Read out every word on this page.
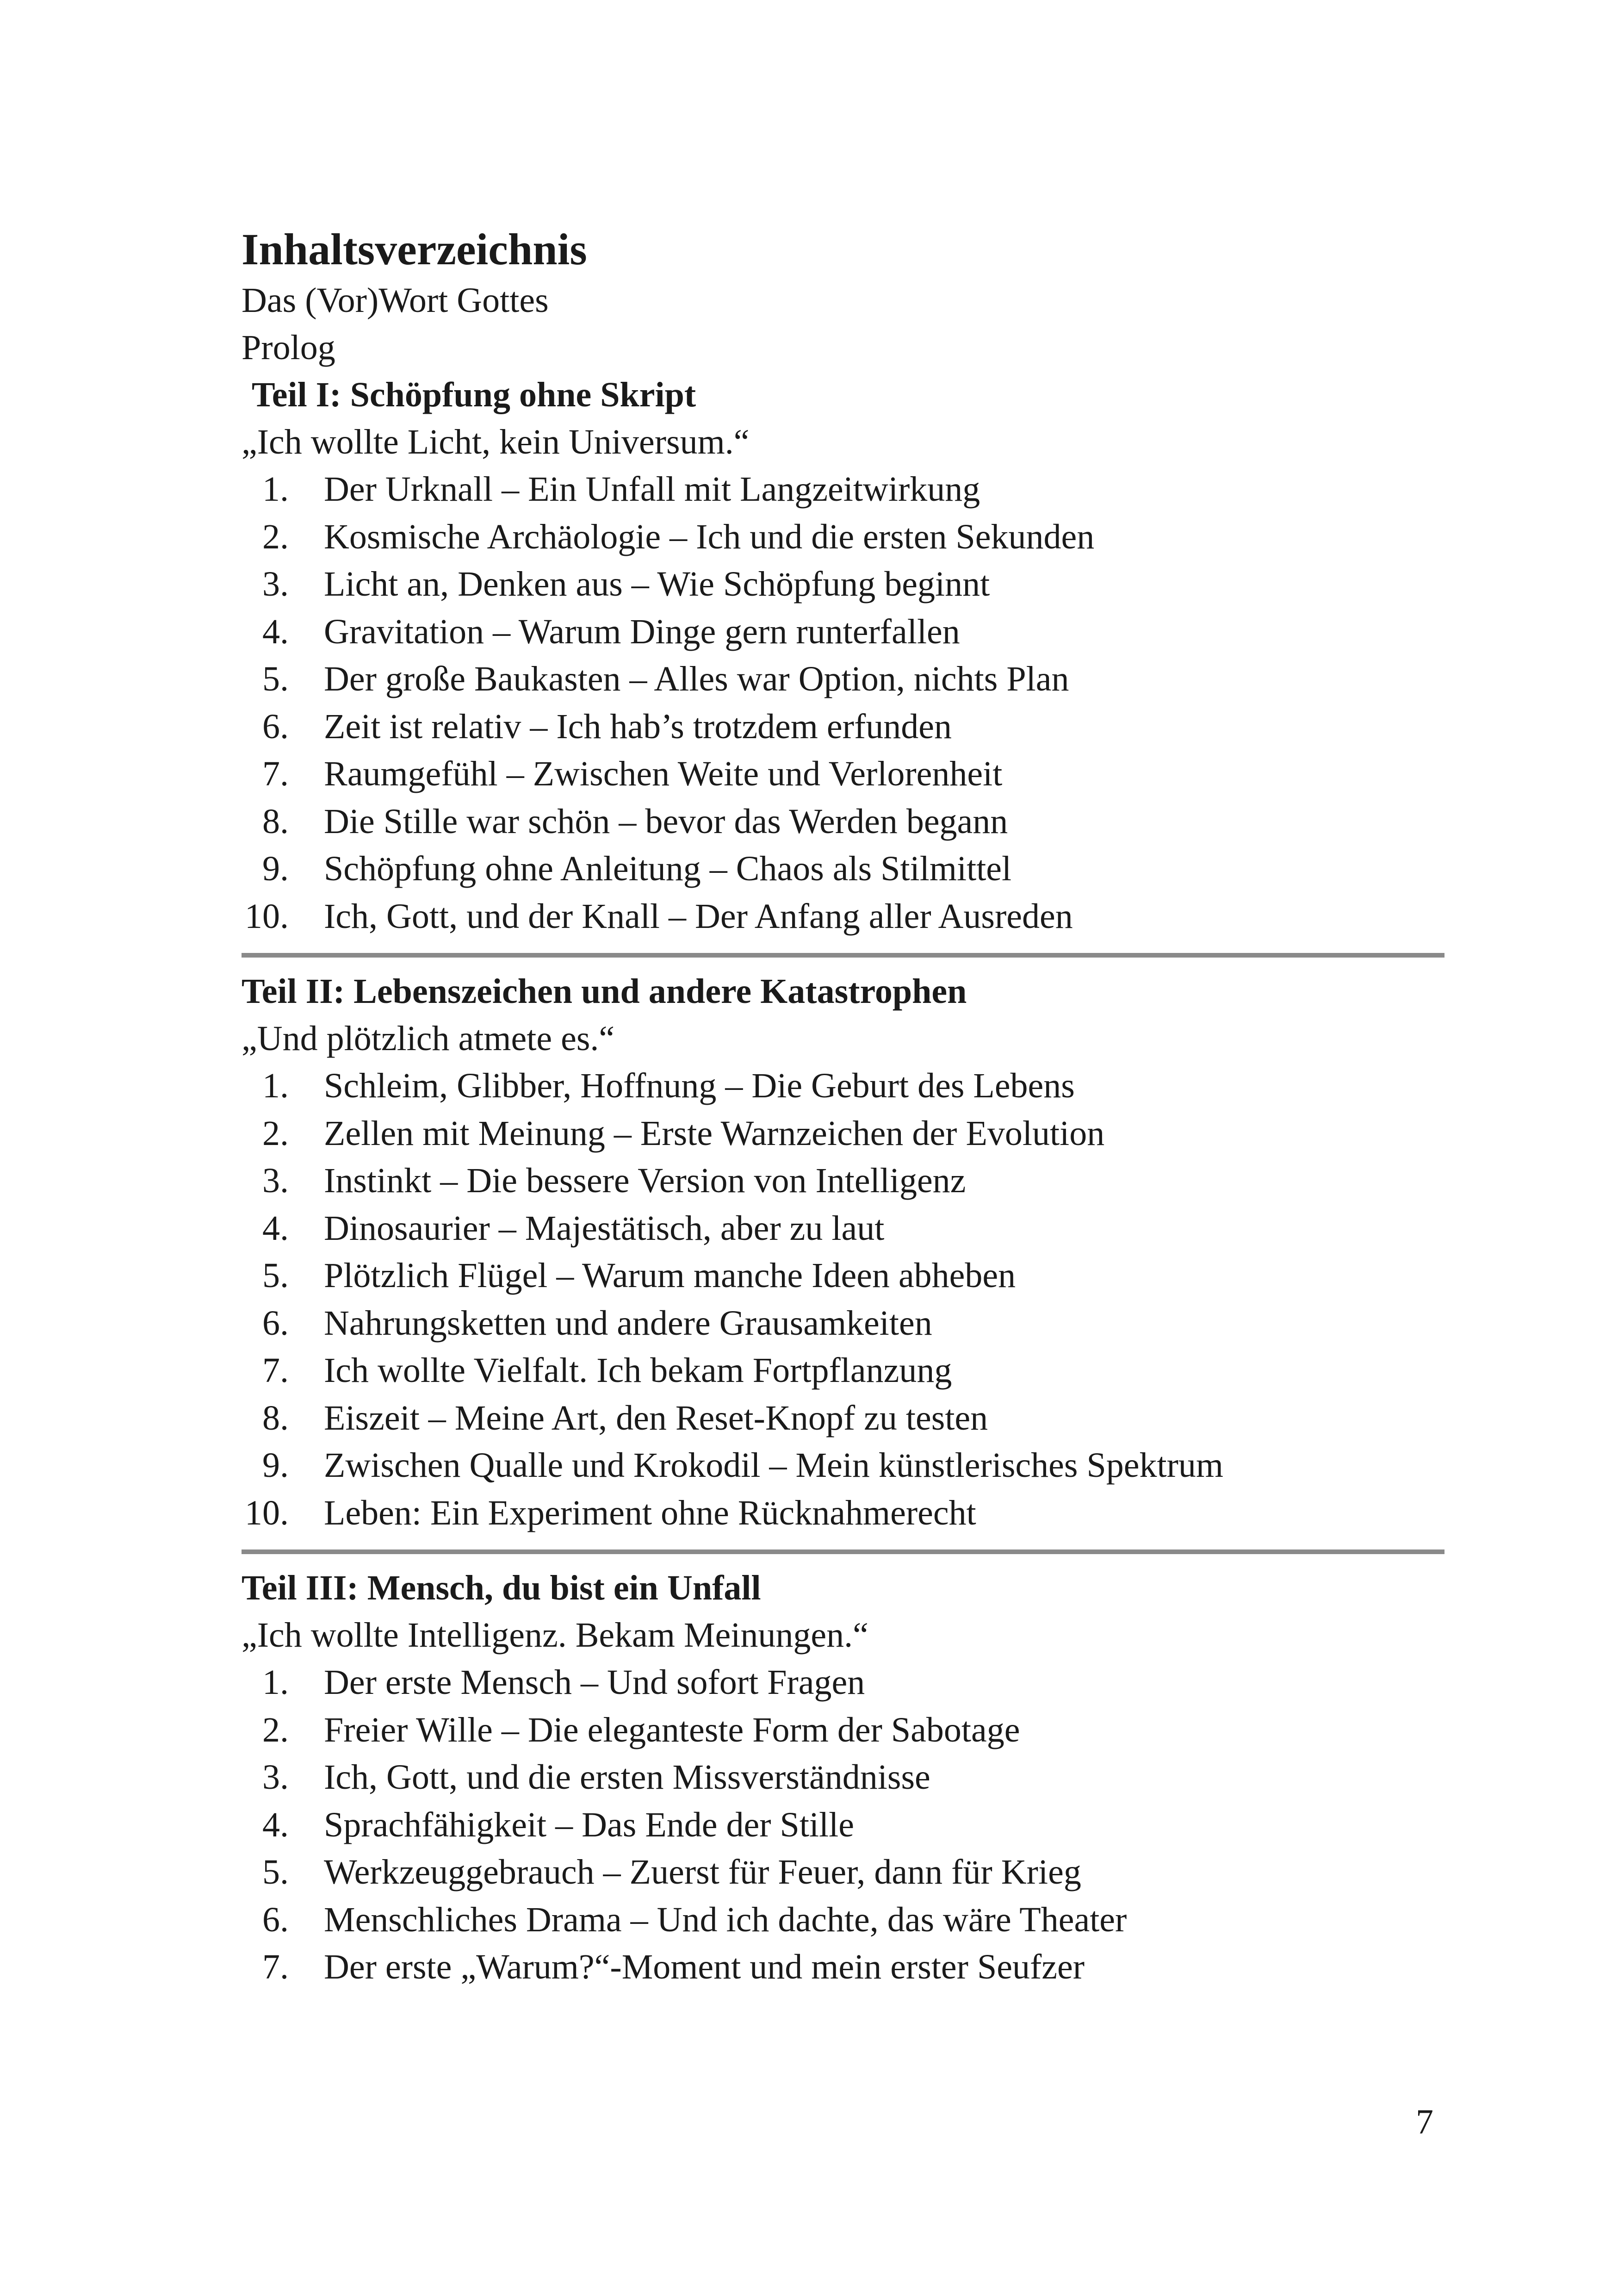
Inhaltsverzeichnis
Das (Vor)Wort Gottes
Prolog
Teil I: Schöpfung ohne Skript
„Ich wollte Licht, kein Universum.“
1. Der Urknall – Ein Unfall mit Langzeitwirkung
2. Kosmische Archäologie – Ich und die ersten Sekunden
3. Licht an, Denken aus – Wie Schöpfung beginnt
4. Gravitation – Warum Dinge gern runterfallen
5. Der große Baukasten – Alles war Option, nichts Plan
6. Zeit ist relativ – Ich hab’s trotzdem erfunden
7. Raumgefühl – Zwischen Weite und Verlorenheit
8. Die Stille war schön – bevor das Werden begann
9. Schöpfung ohne Anleitung – Chaos als Stilmittel
10. Ich, Gott, und der Knall – Der Anfang aller Ausreden
Teil II: Lebenszeichen und andere Katastrophen
„Und plötzlich atmete es.“
1. Schleim, Glibber, Hoffnung – Die Geburt des Lebens
2. Zellen mit Meinung – Erste Warnzeichen der Evolution
3. Instinkt – Die bessere Version von Intelligenz
4. Dinosaurier – Majestätisch, aber zu laut
5. Plötzlich Flügel – Warum manche Ideen abheben
6. Nahrungsketten und andere Grausamkeiten
7. Ich wollte Vielfalt. Ich bekam Fortpflanzung
8. Eiszeit – Meine Art, den Reset-Knopf zu testen
9. Zwischen Qualle und Krokodil – Mein künstlerisches Spektrum
10. Leben: Ein Experiment ohne Rücknahmerecht
Teil III: Mensch, du bist ein Unfall
„Ich wollte Intelligenz. Bekam Meinungen.“
1. Der erste Mensch – Und sofort Fragen
2. Freier Wille – Die eleganteste Form der Sabotage
3. Ich, Gott, und die ersten Missverständnisse
4. Sprachfähigkeit – Das Ende der Stille
5. Werkzeuggebrauch – Zuerst für Feuer, dann für Krieg
6. Menschliches Drama – Und ich dachte, das wäre Theater
7. Der erste „Warum?“-Moment und mein erster Seufzer
7
